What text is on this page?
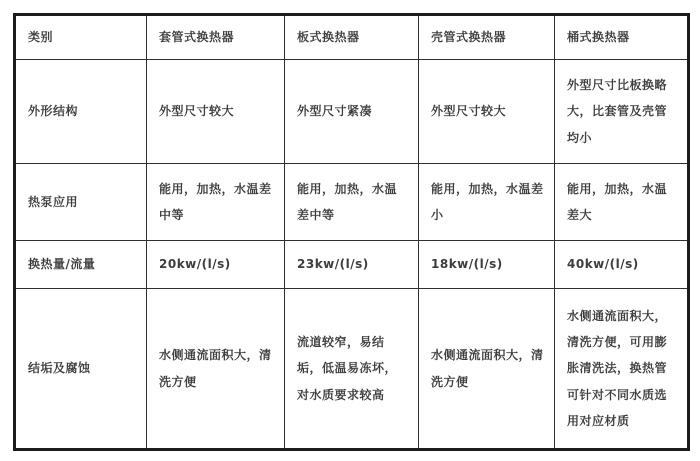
类别	套管式换热器	板式换热器	壳管式换热器	桶式换热器
外形结构	外型尺寸较大	外型尺寸紧凑	外型尺寸较大	外型尺寸比板换略大，比套管及壳管均小
热泵应用	能用，加热，水温差中等	能用，加热，水温差中等	能用，加热，水温差小	能用，加热，水温差大
换热量/流量	20kw/(l/s)	23kw/(l/s)	18kw/(l/s)	40kw/(l/s)
结垢及腐蚀	水侧通流面积大，清洗方便	流道较窄，易结垢，低温易冻坏，对水质要求较高	水侧通流面积大，清洗方便	水侧通流面积大，清洗方便，可用膨胀清洗法，换热管可针对不同水质选用对应材质
